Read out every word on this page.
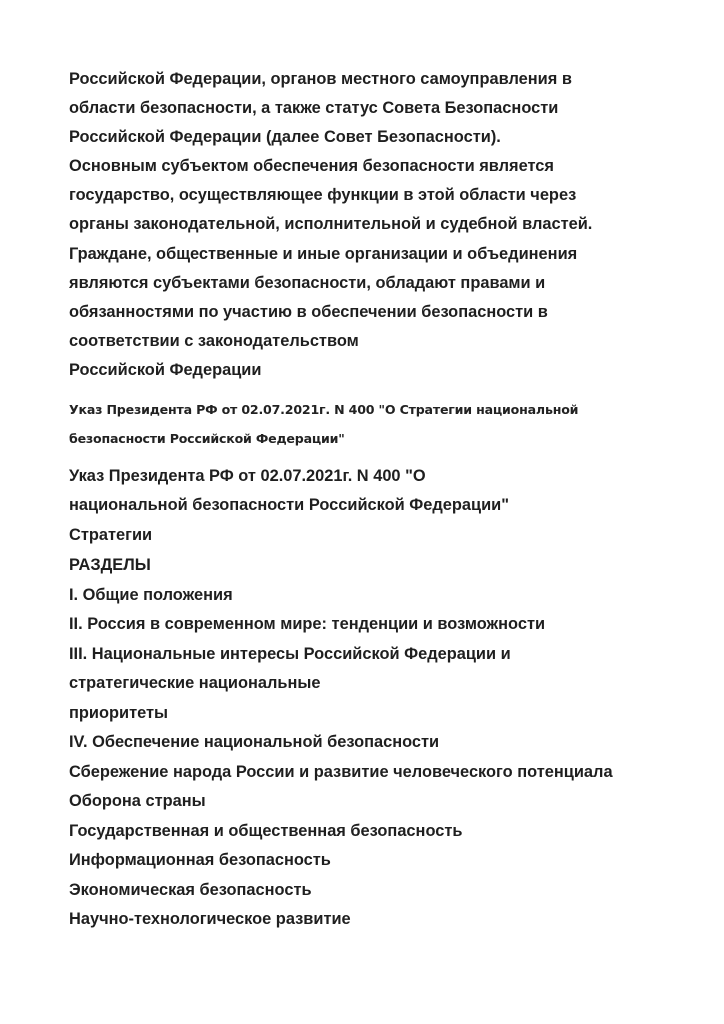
Российской Федерации, органов местного самоуправления в
области безопасности, а также статус Совета Безопасности
Российской Федерации (далее Совет Безопасности).
Основным субъектом обеспечения безопасности является
государство, осуществляющее функции в этой области через
органы законодательной, исполнительной и судебной властей.
Граждане, общественные и иные организации и объединения
являются субъектами безопасности, обладают правами и
обязанностями по участию в обеспечении безопасности в
соответствии с законодательством
Российской Федерации
Указ Президента РФ от 02.07.2021г. N 400 "О Стратегии национальной
безопасности Российской Федерации"
Указ Президента РФ от 02.07.2021г. N 400 "О
национальной безопасности Российской Федерации"
Стратегии
РАЗДЕЛЫ
I. Общие положения
II. Россия в современном мире: тенденции и возможности
III. Национальные интересы Российской Федерации и
стратегические национальные
приоритеты
IV. Обеспечение национальной безопасности
Сбережение народа России и развитие человеческого потенциала
Оборона страны
Государственная и общественная безопасность
Информационная безопасность
Экономическая безопасность
Научно-технологическое развитие
